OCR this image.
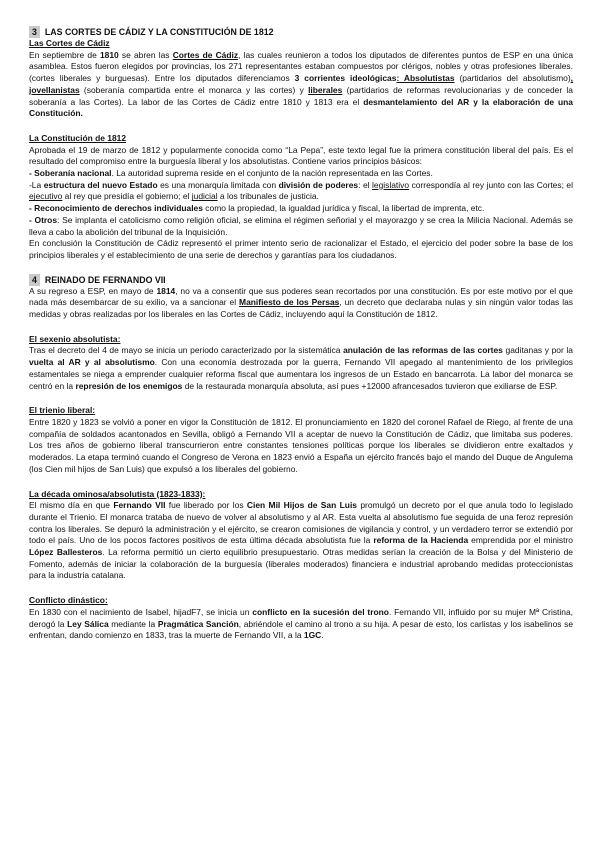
3 LAS CORTES DE CÁDIZ Y LA CONSTITUCIÓN DE 1812
Las Cortes de Cádiz

En septiembre de 1810 se abren las Cortes de Cádiz, las cuales reunieron a todos los diputados de diferentes puntos de ESP en una única asamblea. Estos fueron elegidos por provincias, los 271 representantes estaban compuestos por clérigos, nobles y otras profesiones liberales. (cortes liberales y burguesas). Entre los diputados diferenciamos 3 corrientes ideológicas: Absolutistas (partidarios del absolutismo), jovellanistas (soberanía compartida entre el monarca y las cortes) y liberales (partidarios de reformas revolucionarias y de conceder la soberanía a las Cortes). La labor de las Cortes de Cádiz entre 1810 y 1813 era el desmantelamiento del AR y la elaboración de una Constitución.

La Constitución de 1812

Aprobada el 19 de marzo de 1812 y popularmente conocida como “La Pepa”, este texto legal fue la primera constitución liberal del país. Es el resultado del compromiso entre la burguesía liberal y los absolutistas. Contiene varios principios básicos:

- Soberanía nacional. La autoridad suprema reside en el conjunto de la nación representada en las Cortes.

-La estructura del nuevo Estado es una monarquía limitada con división de poderes: el legislativo correspondía al rey junto con las Cortes; el ejecutivo al rey que presidía el gobierno; el judicial a los tribunales de justicia.

- Reconocimiento de derechos individuales como la propiedad, la igualdad jurídica y fiscal, la libertad de imprenta, etc.

- Otros: Se implanta el catolicismo como religión oficial, se elimina el régimen señorial y el mayorazgo y se crea la Milicia Nacional. Además se lleva a cabo la abolición del tribunal de la Inquisición.

En conclusión la Constitución de Cádiz representó el primer intento serio de racionalizar el Estado, el ejercicio del poder sobre la base de los principios liberales y el establecimiento de una serie de derechos y garantías para los ciudadanos.

4 REINADO DE FERNANDO VII

A su regreso a ESP, en mayo de 1814, no va a consentir que sus poderes sean recortados por una constitución. Es por este motivo por el que nada más desembarcar de su exilio, va a sancionar el Manifiesto de los Persas, un decreto que declaraba nulas y sin ningún valor todas las medidas y obras realizadas por los liberales en las Cortes de Cádiz, incluyendo aquí la Constitución de 1812.

El sexenio absolutista:

Tras el decreto del 4 de mayo se inicia un periodo caracterizado por la sistemática anulación de las reformas de las cortes gaditanas y por la vuelta al AR y al absolutismo. Con una economía destrozada por la guerra, Fernando VII apegado al mantenimiento de los privilegios estamentales se niega a emprender cualquier reforma fiscal que aumentara los ingresos de un Estado en bancarrota. La labor del monarca se centró en la represión de los enemigos de la restaurada monarquía absoluta, así pues +12000 afrancesados tuvieron que exiliarse de ESP.

El trienio liberal:

Entre 1820 y 1823 se volvió a poner en vigor la Constitución de 1812. El pronunciamiento en 1820 del coronel Rafael de Riego, al frente de una compañía de soldados acantonados en Sevilla, obligó a Fernando VII a aceptar de nuevo la Constitución de Cádiz, que limitaba sus poderes. Los tres años de gobierno liberal transcurrieron entre constantes tensiones políticas porque los liberales se dividieron entre exaltados y moderados. La etapa terminó cuando el Congreso de Verona en 1823 envió a España un ejército francés bajo el mando del Duque de Angulema (los Cien mil hijos de San Luis) que expulsó a los liberales del gobierno.

La década ominosa/absolutista (1823-1833):

El mismo día en que Fernando VII fue liberado por los Cien Mil Hijos de San Luis promulgó un decreto por el que anula todo lo legislado durante el Trienio. El monarca trataba de nuevo de volver al absolutismo y al AR. Esta vuelta al absolutismo fue seguida de una feroz represión contra los liberales. Se depuró la administración y el ejército, se crearon comisiones de vigilancia y control, y un verdadero terror se extendió por todo el país. Uno de los pocos factores positivos de esta última década absolutista fue la reforma de la Hacienda emprendida por el ministro López Ballesteros. La reforma permitió un cierto equilibrio presupuestario. Otras medidas serían la creación de la Bolsa y del Ministerio de Fomento, además de iniciar la colaboración de la burguesía (liberales moderados) financiera e industrial aprobando medidas proteccionistas para la industria catalana.

Conflicto dinástico:

En 1830 con el nacimiento de Isabel, hijadF7, se inicia un conflicto en la sucesión del trono. Fernando VII, influido por su mujer Mª Cristina, derogó la Ley Sálica mediante la Pragmática Sanción, abriéndole el camino al trono a su hija. A pesar de esto, los carlistas y los isabelinos se enfrentan, dando comienzo en 1833, tras la muerte de Fernando VII, a la 1GC.
